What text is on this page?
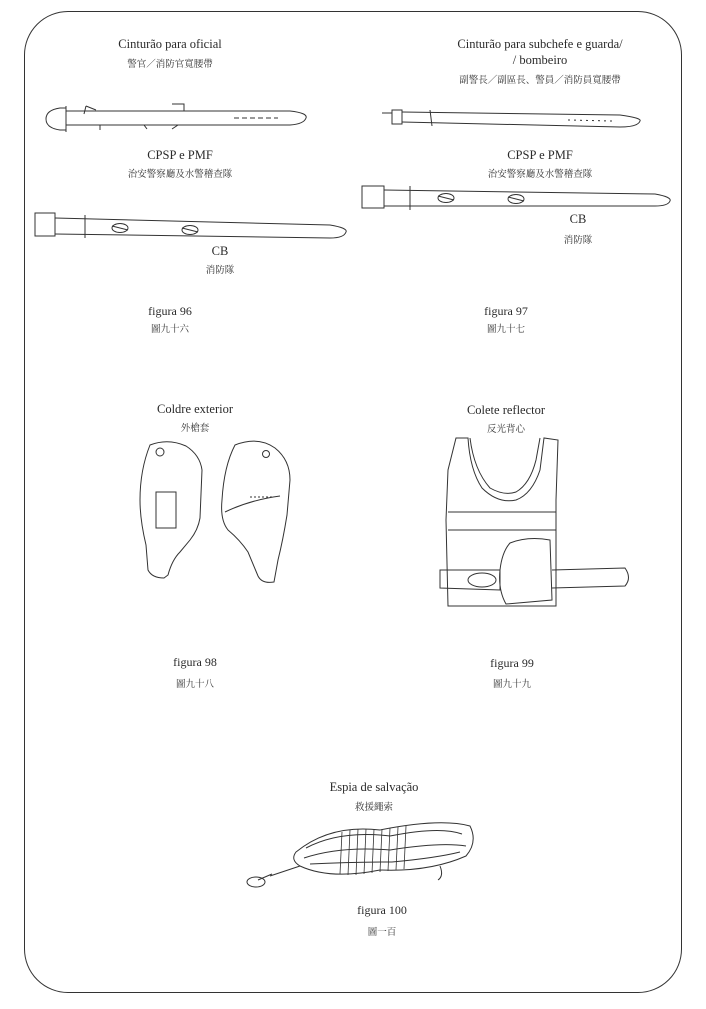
Cinturão para oficial
警官／消防官寬腰帶
CPSP e PMF
治安警察廳及水警稽查隊
CB
消防隊
figura 96
圖九十六
Cinturão para subchefe e guarda/
/ bombeiro
副警長／副區長、警員／消防員寬腰帶
CPSP e PMF
治安警察廳及水警稽查隊
CB
消防隊
figura 97
圖九十七
Coldre exterior
外槍套
figura 98
圖九十八
Colete reflector
反光背心
figura 99
圖九十九
Espia de salvação
救援繩索
figura 100
圖一百
